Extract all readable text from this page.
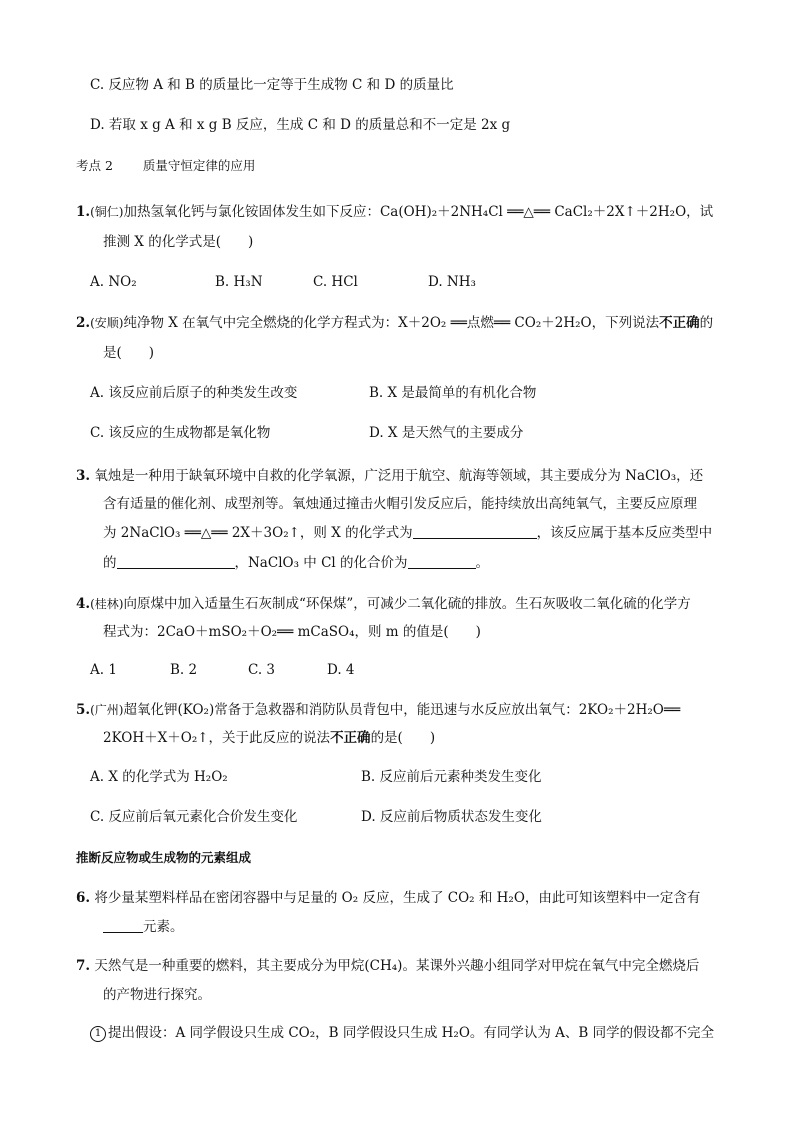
C. 反应物 A 和 B 的质量比一定等于生成物 C 和 D 的质量比
D. 若取 x g A 和 x g B 反应，生成 C 和 D 的质量总和不一定是 2x g
考点 2 质量守恒定律的应用
1.(铜仁)加热氢氧化钙与氯化铵固体发生如下反应：Ca(OH)₂＋2NH₄Cl ══△══ CaCl₂＋2X↑＋2H₂O，试
推测 X 的化学式是(　　)
A. NO₂	B. H₃N	C. HCl	D. NH₃
2.(安顺)纯净物 X 在氧气中完全燃烧的化学方程式为：X＋2O₂ ══点燃══ CO₂＋2H₂O，下列说法不正确的
是(　　)
A. 该反应前后原子的种类发生改变	B. X 是最简单的有机化合物
C. 该反应的生成物都是氧化物	D. X 是天然气的主要成分
3. 氧烛是一种用于缺氧环境中自救的化学氧源，广泛用于航空、航海等领域，其主要成分为 NaClO₃，还
含有适量的催化剂、成型剂等。氧烛通过撞击火帽引发反应后，能持续放出高纯氧气，主要反应原理
为 2NaClO₃ ══△══ 2X＋3O₂↑，则 X 的化学式为	，该反应属于基本反应类型中
的	，NaClO₃ 中 Cl 的化合价为	。
4.(桂林)向原煤中加入适量生石灰制成“环保煤”，可减少二氧化硫的排放。生石灰吸收二氧化硫的化学方
程式为：2CaO＋mSO₂＋O₂══ mCaSO₄，则 m 的值是(　　)
A. 1	B. 2	C. 3	D. 4
5.(广州)超氧化钾(KO₂)常备于急救器和消防队员背包中，能迅速与水反应放出氧气：2KO₂＋2H₂O══
2KOH＋X＋O₂↑，关于此反应的说法不正确的是(　　)
A. X 的化学式为 H₂O₂	B. 反应前后元素种类发生变化
C. 反应前后氧元素化合价发生变化	D. 反应前后物质状态发生变化
推断反应物或生成物的元素组成
6. 将少量某塑料样品在密闭容器中与足量的 O₂ 反应，生成了 CO₂ 和 H₂O，由此可知该塑料中一定含有
元素。
7. 天然气是一种重要的燃料，其主要成分为甲烷(CH₄)。某课外兴趣小组同学对甲烷在氧气中完全燃烧后
的产物进行探究。
1 提出假设：A 同学假设只生成 CO₂，B 同学假设只生成 H₂O。有同学认为 A、B 同学的假设都不完全
